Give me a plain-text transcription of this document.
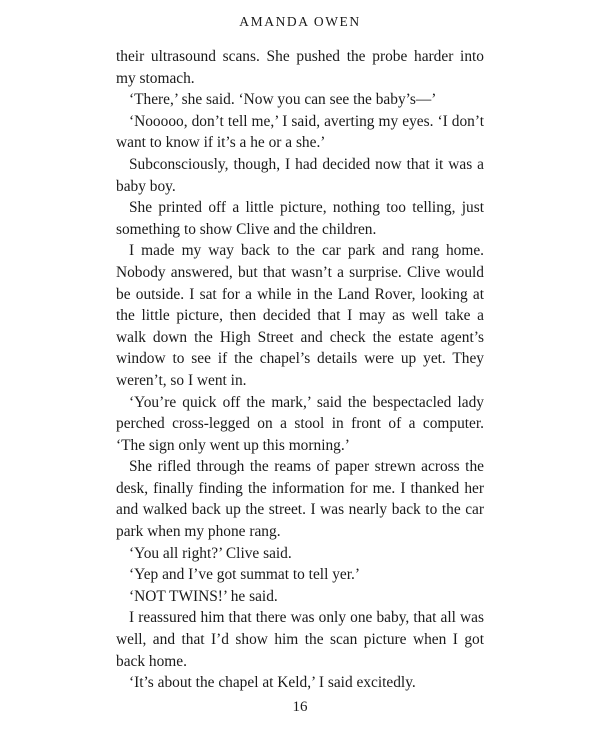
AMANDA OWEN

their ultrasound scans. She pushed the probe harder into my stomach.

‘There,’ she said. ‘Now you can see the baby’s—’

‘Nooooo, don’t tell me,’ I said, averting my eyes. ‘I don’t want to know if it’s a he or a she.’

Subconsciously, though, I had decided now that it was a baby boy.

She printed off a little picture, nothing too telling, just something to show Clive and the children.

I made my way back to the car park and rang home. Nobody answered, but that wasn’t a surprise. Clive would be outside. I sat for a while in the Land Rover, looking at the little picture, then decided that I may as well take a walk down the High Street and check the estate agent’s window to see if the chapel’s details were up yet. They weren’t, so I went in.

‘You’re quick off the mark,’ said the bespectacled lady perched cross-legged on a stool in front of a computer. ‘The sign only went up this morning.’

She rifled through the reams of paper strewn across the desk, finally finding the information for me. I thanked her and walked back up the street. I was nearly back to the car park when my phone rang.

‘You all right?’ Clive said.

‘Yep and I’ve got summat to tell yer.’

‘NOT TWINS!’ he said.

I reassured him that there was only one baby, that all was well, and that I’d show him the scan picture when I got back home.

‘It’s about the chapel at Keld,’ I said excitedly.

16
